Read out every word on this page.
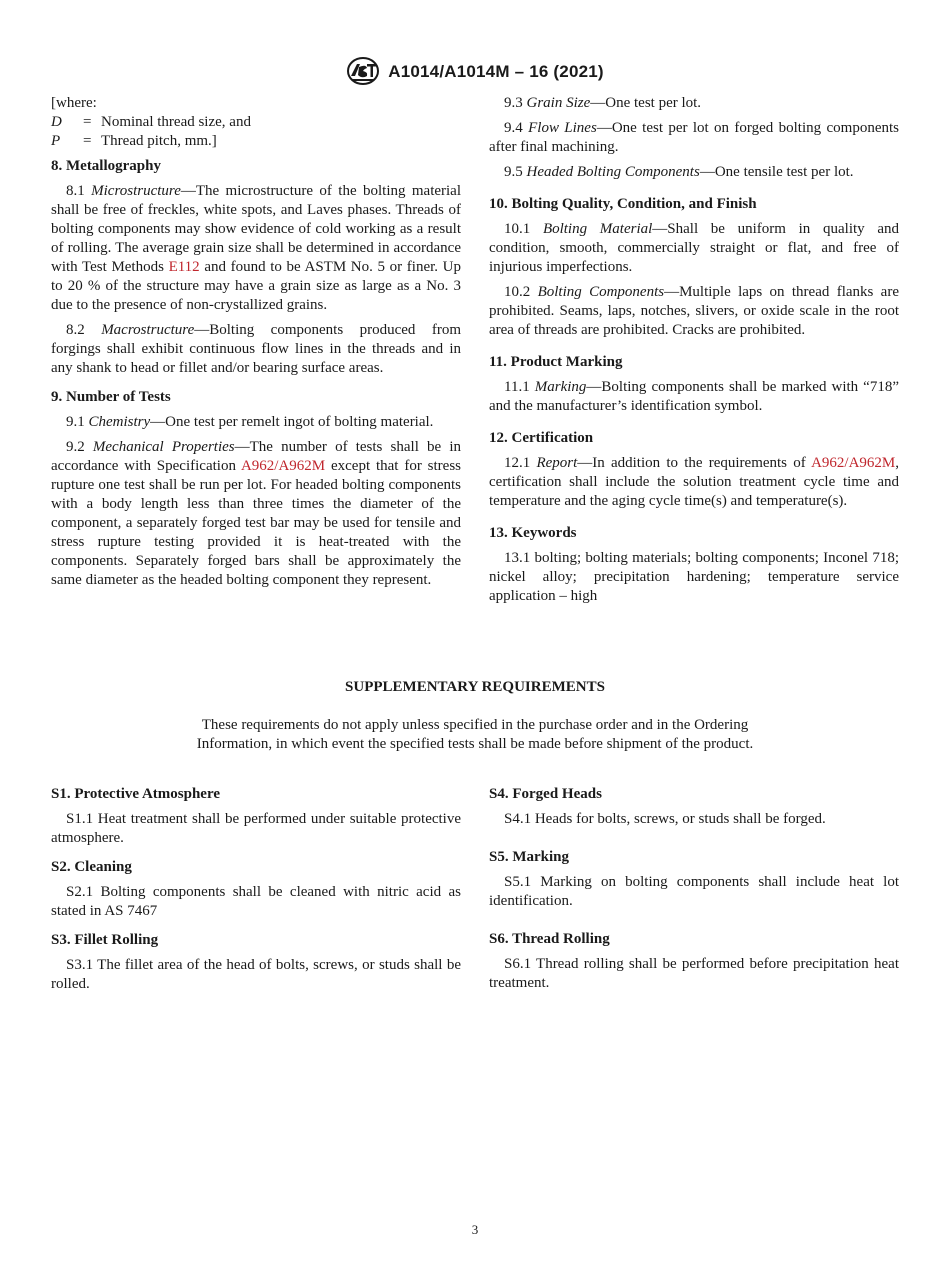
A1014/A1014M – 16 (2021)

[where:

D	= Nominal thread size, and
P	= Thread pitch, mm.]

8. Metallography

8.1 Microstructure—The microstructure of the bolting material shall be free of freckles, white spots, and Laves phases. Threads of bolting components may show evidence of cold working as a result of rolling. The average grain size shall be determined in accordance with Test Methods E112 and found to be ASTM No. 5 or finer. Up to 20 % of the structure may have a grain size as large as a No. 3 due to the presence of non-crystallized grains.

8.2 Macrostructure—Bolting components produced from forgings shall exhibit continuous flow lines in the threads and in any shank to head or fillet and/or bearing surface areas.

9. Number of Tests

9.1 Chemistry—One test per remelt ingot of bolting material.

9.2 Mechanical Properties—The number of tests shall be in accordance with Specification A962/A962M except that for stress rupture one test shall be run per lot. For headed bolting components with a body length less than three times the diameter of the component, a separately forged test bar may be used for tensile and stress rupture testing provided it is heat-treated with the components. Separately forged bars shall be approximately the same diameter as the headed bolting component they represent.

9.3 Grain Size—One test per lot.

9.4 Flow Lines—One test per lot on forged bolting components after final machining.

9.5 Headed Bolting Components—One tensile test per lot.

10. Bolting Quality, Condition, and Finish

10.1 Bolting Material—Shall be uniform in quality and condition, smooth, commercially straight or flat, and free of injurious imperfections.

10.2 Bolting Components—Multiple laps on thread flanks are prohibited. Seams, laps, notches, slivers, or oxide scale in the root area of threads are prohibited. Cracks are prohibited.

11. Product Marking

11.1 Marking—Bolting components shall be marked with “718” and the manufacturer’s identification symbol.

12. Certification

12.1 Report—In addition to the requirements of A962/A962M, certification shall include the solution treatment cycle time and temperature and the aging cycle time(s) and temperature(s).

13. Keywords

13.1 bolting; bolting materials; bolting components; Inconel 718; nickel alloy; precipitation hardening; temperature service application – high

SUPPLEMENTARY REQUIREMENTS
These requirements do not apply unless specified in the purchase order and in the Ordering
Information, in which event the specified tests shall be made before shipment of the product.

S1. Protective Atmosphere

S1.1 Heat treatment shall be performed under suitable protective atmosphere.

S2. Cleaning

S2.1 Bolting components shall be cleaned with nitric acid as stated in AS 7467

S3. Fillet Rolling

S3.1 The fillet area of the head of bolts, screws, or studs shall be rolled.

S4. Forged Heads

S4.1 Heads for bolts, screws, or studs shall be forged.

S5. Marking

S5.1 Marking on bolting components shall include heat lot identification.

S6. Thread Rolling

S6.1 Thread rolling shall be performed before precipitation heat treatment.

3
